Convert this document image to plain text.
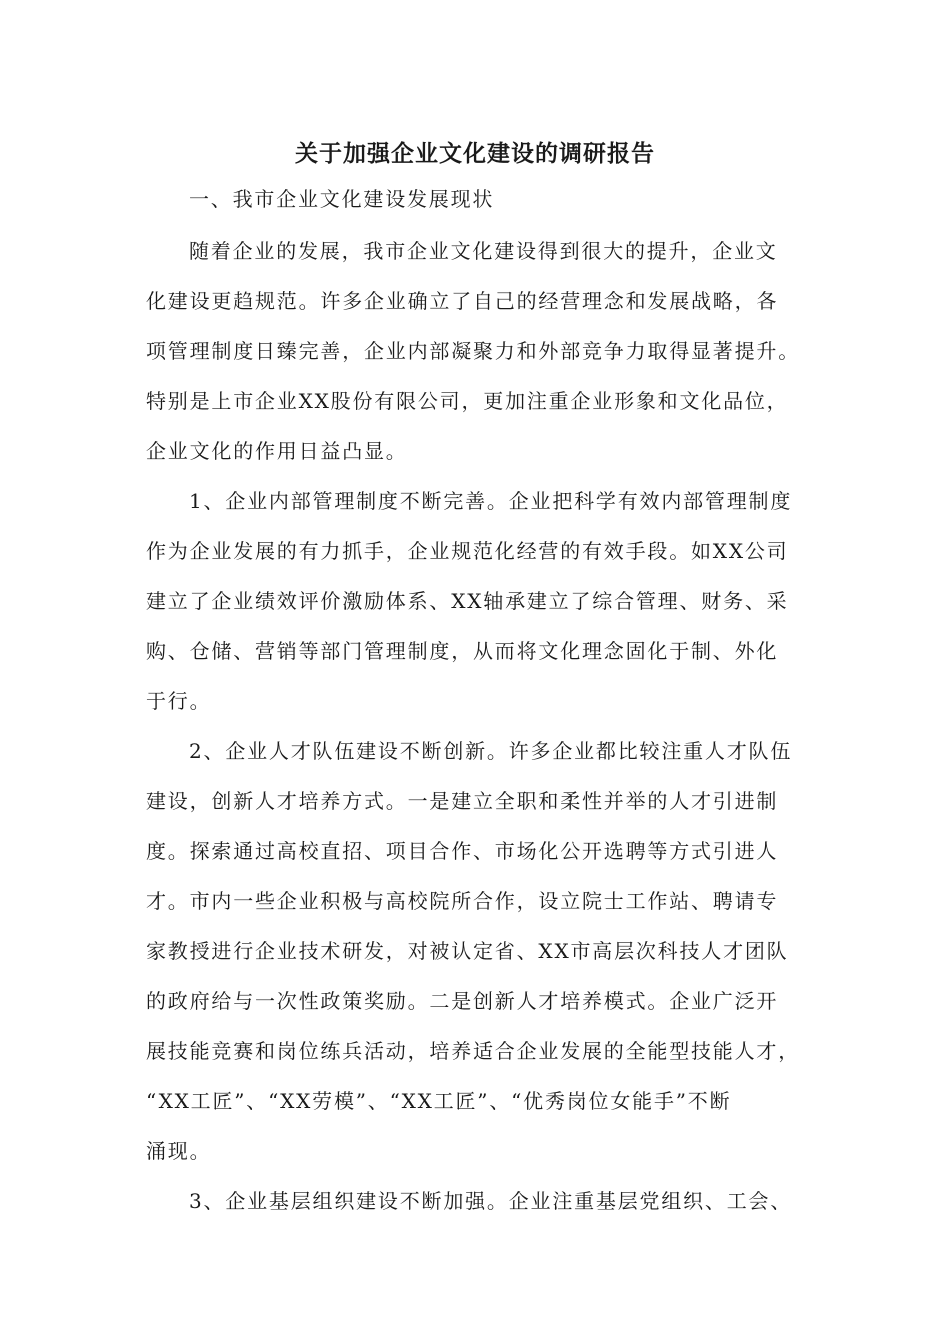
关于加强企业文化建设的调研报告
一、我市企业文化建设发展现状
随着企业的发展，我市企业文化建设得到很大的提升，企业文
化建设更趋规范。许多企业确立了自己的经营理念和发展战略，各
项管理制度日臻完善，企业内部凝聚力和外部竞争力取得显著提升。
特别是上市企业XX股份有限公司，更加注重企业形象和文化品位，
企业文化的作用日益凸显。
1、企业内部管理制度不断完善。企业把科学有效内部管理制度
作为企业发展的有力抓手，企业规范化经营的有效手段。如XX公司
建立了企业绩效评价激励体系、XX轴承建立了综合管理、财务、采
购、仓储、营销等部门管理制度，从而将文化理念固化于制、外化
于行。
2、企业人才队伍建设不断创新。许多企业都比较注重人才队伍
建设，创新人才培养方式。一是建立全职和柔性并举的人才引进制
度。探索通过高校直招、项目合作、市场化公开选聘等方式引进人
才。市内一些企业积极与高校院所合作，设立院士工作站、聘请专
家教授进行企业技术研发，对被认定省、XX市高层次科技人才团队
的政府给与一次性政策奖励。二是创新人才培养模式。企业广泛开
展技能竞赛和岗位练兵活动，培养适合企业发展的全能型技能人才，
“XX工匠”、“XX劳模”、“XX工匠”、“优秀岗位女能手”不断
涌现。
3、企业基层组织建设不断加强。企业注重基层党组织、工会、
